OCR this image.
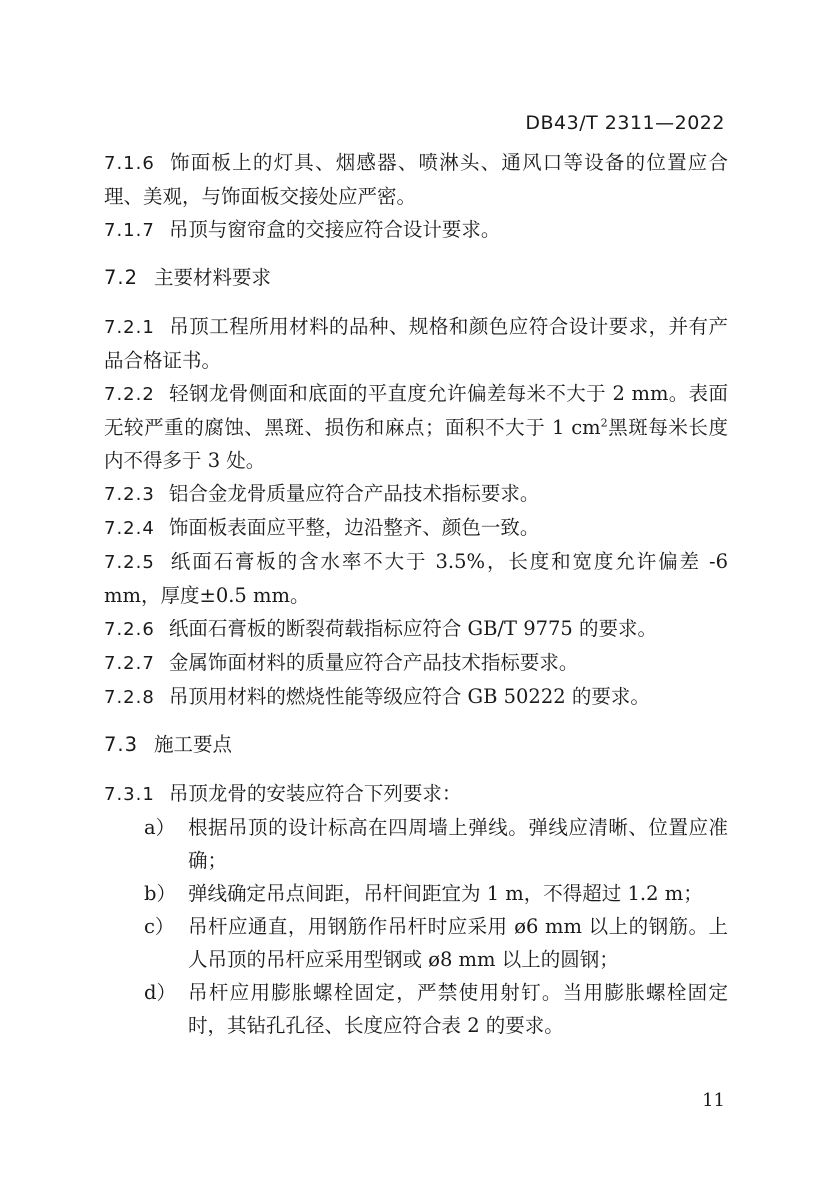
DB43/T 2311—2022

7.1.6 饰面板上的灯具、烟感器、喷淋头、通风口等设备的位置应合理、美观，与饰面板交接处应严密。

7.1.7 吊顶与窗帘盒的交接应符合设计要求。

7.2 主要材料要求

7.2.1 吊顶工程所用材料的品种、规格和颜色应符合设计要求，并有产品合格证书。

7.2.2 轻钢龙骨侧面和底面的平直度允许偏差每米不大于 2 mm。表面无较严重的腐蚀、黑斑、损伤和麻点；面积不大于 1 $cm^2$黑斑每米长度内不得多于 3 处。

7.2.3 铝合金龙骨质量应符合产品技术指标要求。

7.2.4 饰面板表面应平整，边沿整齐、颜色一致。

7.2.5 纸面石膏板的含水率不大于 3.5%，长度和宽度允许偏差 -6 mm，厚度±0.5 mm。

7.2.6 纸面石膏板的断裂荷载指标应符合 GB/T 9775 的要求。

7.2.7 金属饰面材料的质量应符合产品技术指标要求。

7.2.8 吊顶用材料的燃烧性能等级应符合 GB 50222 的要求。

7.3 施工要点

7.3.1 吊顶龙骨的安装应符合下列要求：

a） 根据吊顶的设计标高在四周墙上弹线。弹线应清晰、位置应准确；

b） 弹线确定吊点间距，吊杆间距宜为 1 m，不得超过 1.2 m；

c） 吊杆应通直，用钢筋作吊杆时应采用 ø6 mm 以上的钢筋。上人吊顶的吊杆应采用型钢或 ø8 mm 以上的圆钢；

d） 吊杆应用膨胀螺栓固定，严禁使用射钉。当用膨胀螺栓固定时，其钻孔孔径、长度应符合表 2 的要求。

11
